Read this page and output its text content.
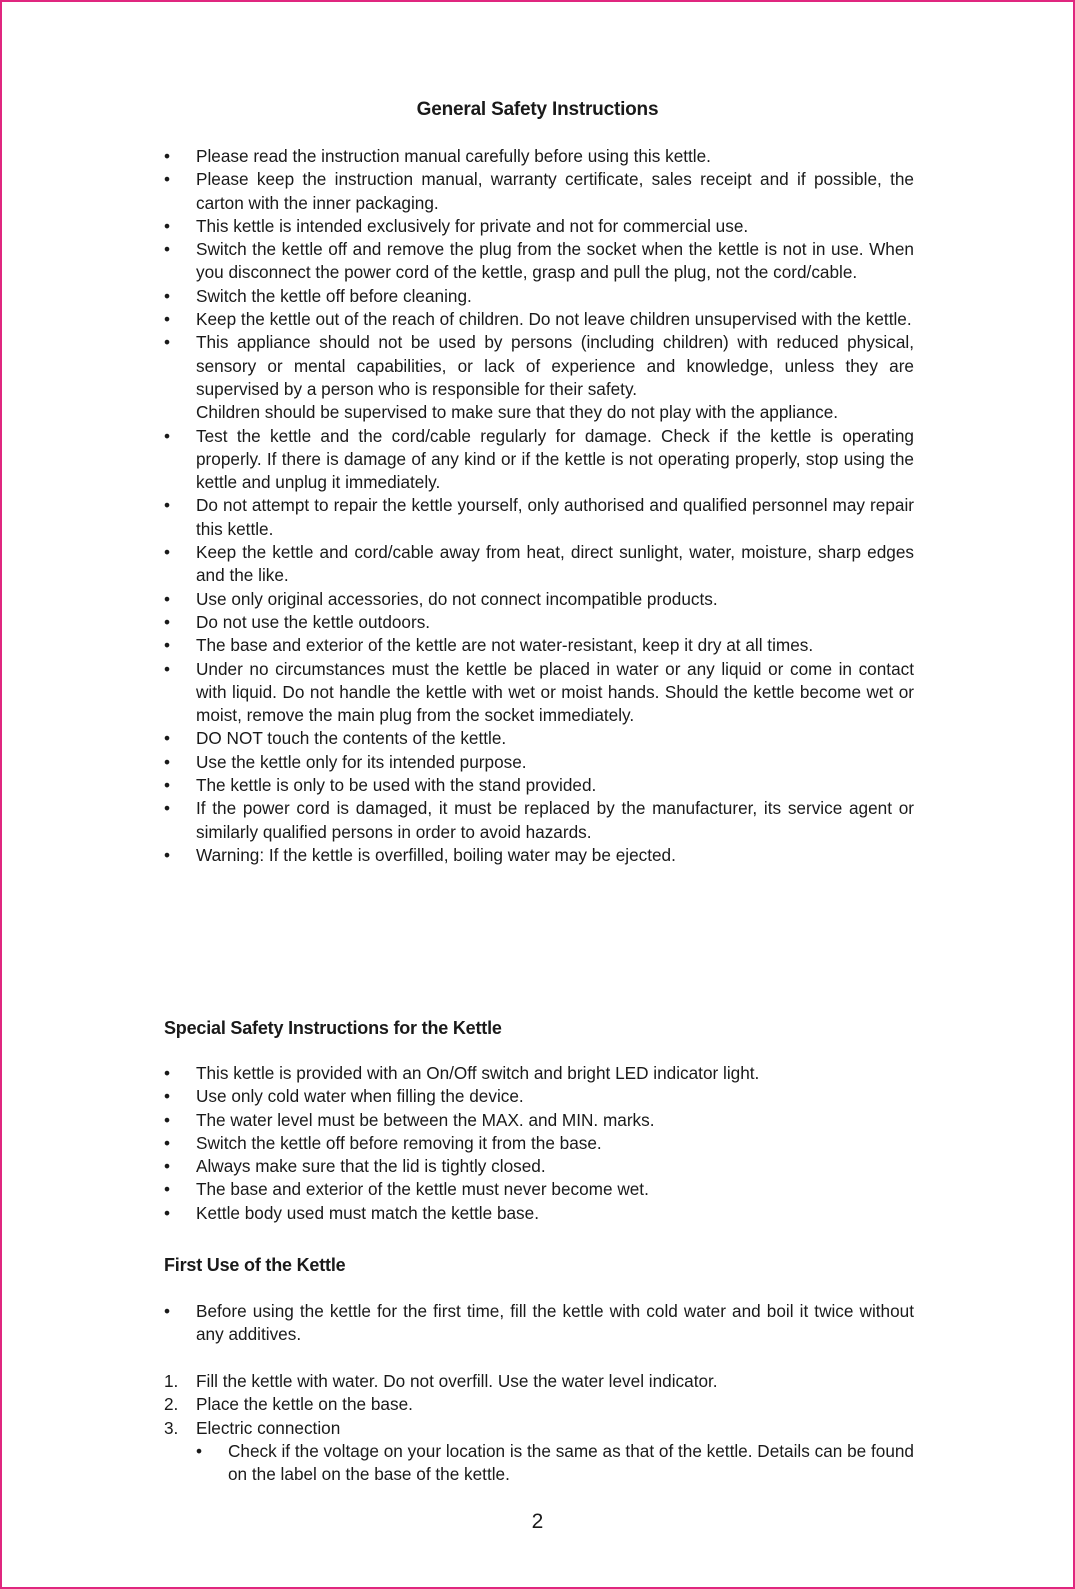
General Safety Instructions
•	Please read the instruction manual carefully before using this kettle.
•	Please keep the instruction manual, warranty certificate, sales receipt and if possible, the carton with the inner packaging.
•	This kettle is intended exclusively for private and not for commercial use.
•	Switch the kettle off and remove the plug from the socket when the kettle is not in use. When you disconnect the power cord of the kettle, grasp and pull the plug, not the cord/cable.
•	Switch the kettle off before cleaning.
•	Keep the kettle out of the reach of children. Do not leave children unsupervised with the kettle.
•	This appliance should not be used by persons (including children) with reduced physical, sensory or mental capabilities, or lack of experience and knowledge, unless they are supervised by a person who is responsible for their safety.
Children should be supervised to make sure that they do not play with the appliance.
•	Test the kettle and the cord/cable regularly for damage. Check if the kettle is operating properly. If there is damage of any kind or if the kettle is not operating properly, stop using the kettle and unplug it immediately.
•	Do not attempt to repair the kettle yourself, only authorised and qualified personnel may repair this kettle.
•	Keep the kettle and cord/cable away from heat, direct sunlight, water, moisture, sharp edges and the like.
•	Use only original accessories, do not connect incompatible products.
•	Do not use the kettle outdoors.
•	The base and exterior of the kettle are not water-resistant, keep it dry at all times.
•	Under no circumstances must the kettle be placed in water or any liquid or come in contact with liquid. Do not handle the kettle with wet or moist hands. Should the kettle become wet or moist, remove the main plug from the socket immediately.
•	DO NOT touch the contents of the kettle.
•	Use the kettle only for its intended purpose.
•	The kettle is only to be used with the stand provided.
•	If the power cord is damaged, it must be replaced by the manufacturer, its service agent or similarly qualified persons in order to avoid hazards.
•	Warning: If the kettle is overfilled, boiling water may be ejected.
Special Safety Instructions for the Kettle
•	This kettle is provided with an On/Off switch and bright LED indicator light.
•	Use only cold water when filling the device.
•	The water level must be between the MAX. and MIN. marks.
•	Switch the kettle off before removing it from the base.
•	Always make sure that the lid is tightly closed.
•	The base and exterior of the kettle must never become wet.
•	Kettle body used must match the kettle base.
First Use of the Kettle
•	Before using the kettle for the first time, fill the kettle with cold water and boil it twice without any additives.
1. Fill the kettle with water. Do not overfill. Use the water level indicator.
2. Place the kettle on the base.
3. Electric connection
• Check if the voltage on your location is the same as that of the kettle. Details can be found on the label on the base of the kettle.
2
